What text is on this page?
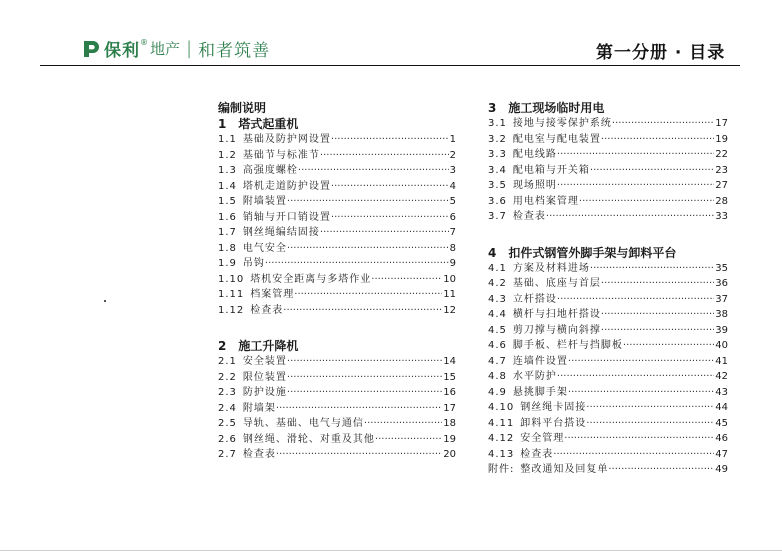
保利 ® 地产 | 和者筑善	第一分册 · 目录
编制说明
1　塔式起重机
1.1 基础及防护网设置 ·····	1
1.2 基础节与标准节 ·····	2
1.3 高强度螺栓 ·····	3
1.4 塔机走道防护设置 ·····	4
1.5 附墙装置 ·····	5
1.6 销轴与开口销设置 ·····	6
1.7 钢丝绳编结固接 ·····	7
1.8 电气安全 ·····	8
1.9 吊钩 ·····	9
1.10 塔机安全距离与多塔作业 ·····	10
1.11 档案管理 ·····	11
1.12 检查表 ·····	12
2　施工升降机
2.1 安全装置 ·····	14
2.2 限位装置 ·····	15
2.3 防护设施 ·····	16
2.4 附墙架 ·····	17
2.5 导轨、基础、电气与通信 ·····	18
2.6 钢丝绳、滑轮、对重及其他 ·····	19
2.7 检查表 ·····	20
3　施工现场临时用电
3.1 接地与接零保护系统 ·····	17
3.2 配电室与配电装置 ·····	19
3.3 配电线路 ·····	22
3.4 配电箱与开关箱 ·····	23
3.5 现场照明 ·····	27
3.6 用电档案管理 ·····	28
3.7 检查表 ·····	33
4　扣件式钢管外脚手架与卸料平台
4.1 方案及材料进场 ·····	35
4.2 基础、底座与首层 ·····	36
4.3 立杆搭设 ·····	37
4.4 横杆与扫地杆搭设 ·····	38
4.5 剪刀撑与横向斜撑 ·····	39
4.6 脚手板、栏杆与挡脚板 ·····	40
4.7 连墙件设置 ·····	41
4.8 水平防护 ·····	42
4.9 悬挑脚手架 ·····	43
4.10 钢丝绳卡固接 ·····	44
4.11 卸料平台搭设 ·····	45
4.12 安全管理 ·····	46
4.13 检查表 ·····	47
附件: 整改通知及回复单 ·····	49
